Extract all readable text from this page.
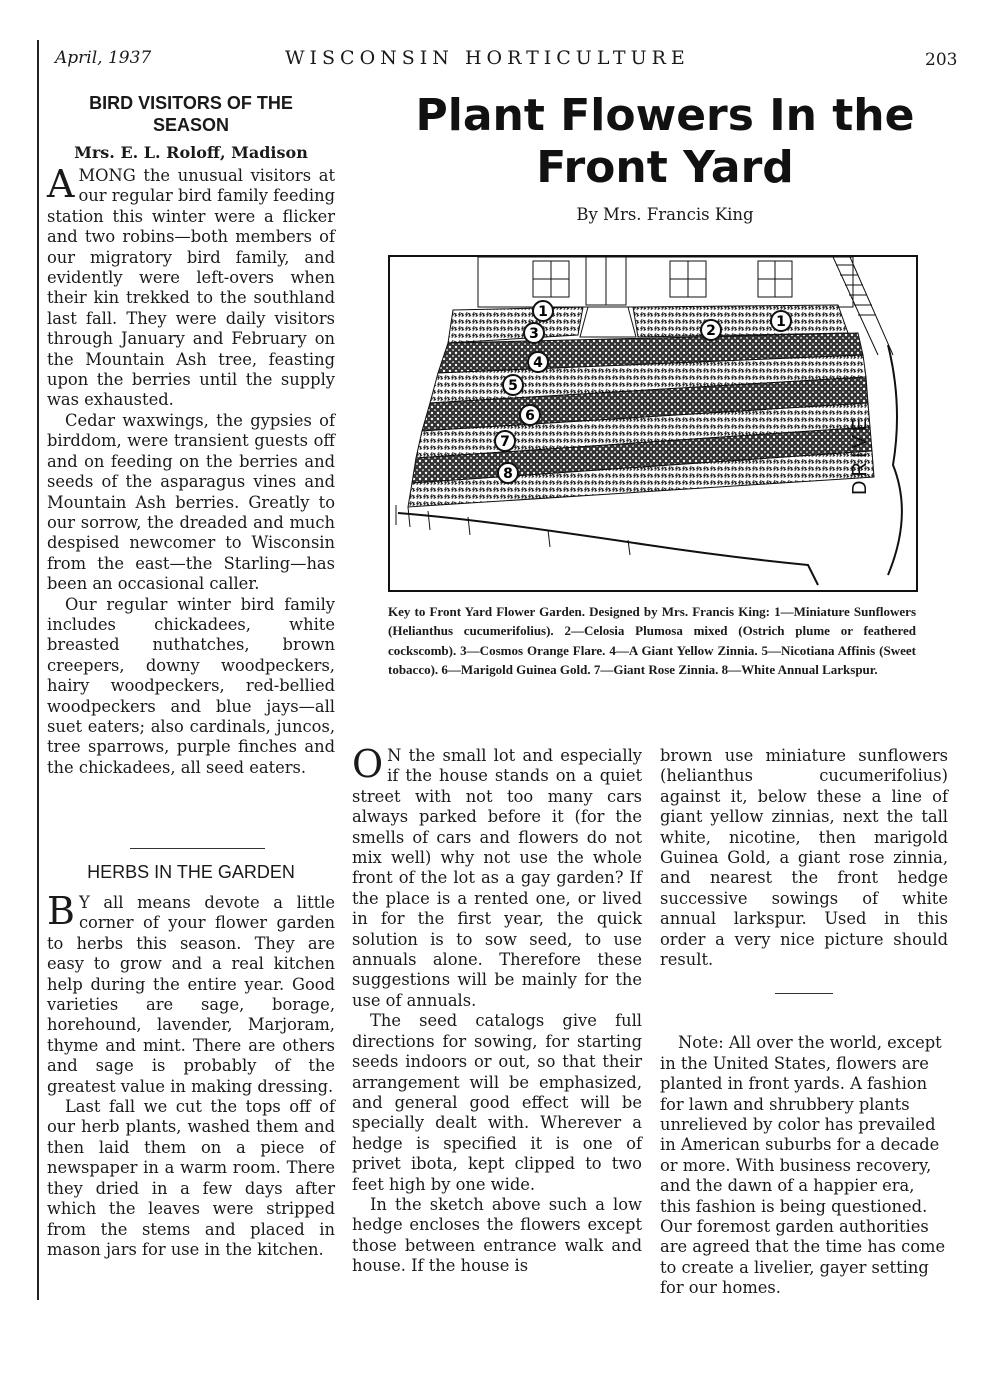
April, 1937	WISCONSIN HORTICULTURE	203
BIRD VISITORS OF THE
SEASON
Mrs. E. L. Roloff, Madison

AMONG the unusual visitors at our regular bird family feeding station this winter were a flicker and two robins—both members of our migratory bird family, and evidently were left-overs when their kin trekked to the southland last fall. They were daily visitors through January and February on the Mountain Ash tree, feasting upon the berries until the supply was exhausted.

Cedar waxwings, the gypsies of birddom, were transient guests off and on feeding on the berries and seeds of the asparagus vines and Mountain Ash berries. Greatly to our sorrow, the dreaded and much despised newcomer to Wisconsin from the east—the Starling—has been an occasional caller.

Our regular winter bird family includes chickadees, white breasted nuthatches, brown creepers, downy woodpeckers, hairy woodpeckers, red-bellied woodpeckers and blue jays—all suet eaters; also cardinals, juncos, tree sparrows, purple finches and the chickadees, all seed eaters.

HERBS IN THE GARDEN

B Y all means devote a little corner of your flower garden to herbs this season. They are easy to grow and a real kitchen help during the entire year. Good varieties are sage, borage, horehound, lavender, Marjoram, thyme and mint. There are others and sage is probably of the greatest value in making dressing.

Last fall we cut the tops off of our herb plants, washed them and then laid them on a piece of newspaper in a warm room. There they dried in a few days after which the leaves were stripped from the stems and placed in mason jars for use in the kitchen.

Plant Flowers In the Front Yard
By Mrs. Francis King
1
1
2
3
4
5
6
7
8	DRIVE
Key to Front Yard Flower Garden. Designed by Mrs. Francis King: 1—Miniature Sunflowers (Helianthus cucumerifolius). 2—Celosia Plumosa mixed (Ostrich plume or feathered cockscomb). 3—Cosmos Orange Flare. 4—A Giant Yellow Zinnia. 5—Nicotiana Affinis (Sweet tobacco). 6—Marigold Guinea Gold. 7—Giant Rose Zinnia. 8—White Annual Larkspur.

O N the small lot and especially if the house stands on a quiet street with not too many cars always parked before it (for the smells of cars and flowers do not mix well) why not use the whole front of the lot as a gay garden? If the place is a rented one, or lived in for the first year, the quick solution is to sow seed, to use annuals alone. Therefore these suggestions will be mainly for the use of annuals.

The seed catalogs give full directions for sowing, for starting seeds indoors or out, so that their arrangement will be emphasized, and general good effect will be specially dealt with. Wherever a hedge is specified it is one of privet ibota, kept clipped to two feet high by one wide.

In the sketch above such a low hedge encloses the flowers except those between entrance walk and house. If the house is

brown use miniature sunflowers (helianthus cucumerifolius) against it, below these a line of giant yellow zinnias, next the tall white, nicotine, then marigold Guinea Gold, a giant rose zinnia, and nearest the front hedge successive sowings of white annual larkspur. Used in this order a very nice picture should result.

Note: All over the world, except in the United States, flowers are planted in front yards. A fashion for lawn and shrubbery plants unrelieved by color has prevailed in American suburbs for a decade or more. With business recovery, and the dawn of a happier era, this fashion is being questioned. Our foremost garden authorities are agreed that the time has come to create a livelier, gayer setting for our homes.
